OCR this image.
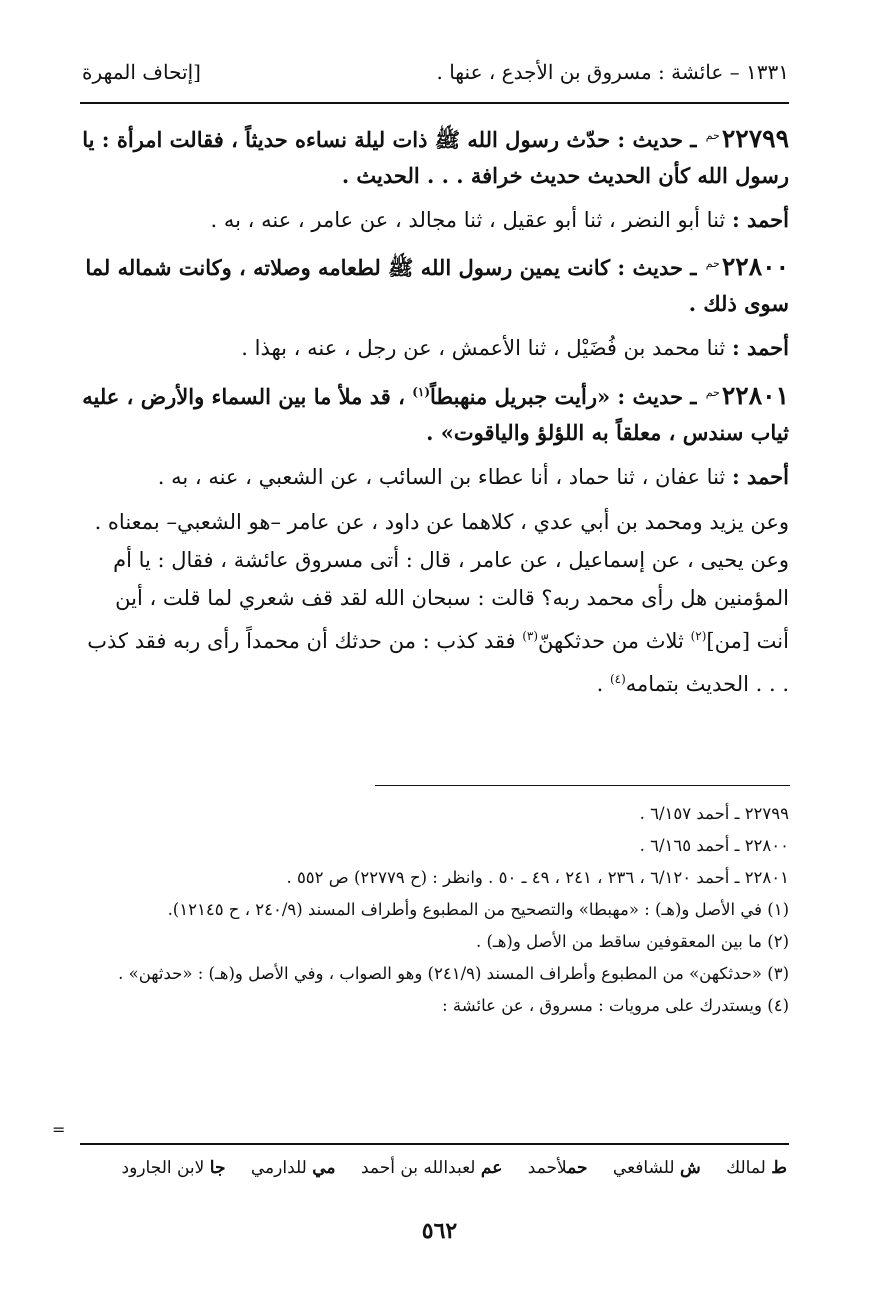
١٣٣١ – عائشة : مسروق بن الأجدع ، عنها .
[إتحاف المهرة

$٢٢٧٩٩^{حم}$ ـ حديث : حدّث رسول الله ﷺ ذات ليلة نساءه حديثاً ، فقالت امرأة : يا رسول الله كأن الحديث حديث خرافة . . . الحديث .

أحمد : ثنا أبو النضر ، ثنا أبو عقيل ، ثنا مجالد ، عن عامر ، عنه ، به .

$٢٢٨٠٠^{حم}$ ـ حديث : كانت يمين رسول الله ﷺ لطعامه وصلاته ، وكانت شماله لما سوى ذلك .

أحمد : ثنا محمد بن فُضَيْل ، ثنا الأعمش ، عن رجل ، عنه ، بهذا .

$٢٢٨٠١^{حم}$ ـ حديث : «رأيت جبريل منهبطاً$^{(١)}$ ، قد ملأ ما بين السماء والأرض ، عليه ثياب سندس ، معلقاً به اللؤلؤ والياقوت» .

أحمد : ثنا عفان ، ثنا حماد ، أنا عطاء بن السائب ، عن الشعبي ، عنه ، به .

وعن يزيد ومحمد بن أبي عدي ، كلاهما عن داود ، عن عامر –هو الشعبي– بمعناه .

وعن يحيى ، عن إسماعيل ، عن عامر ، قال : أتى مسروق عائشة ، فقال : يا أم المؤمنين هل رأى محمد ربه؟ قالت : سبحان الله لقد قف شعري لما قلت ، أين أنت [من]$^{(٢)}$ ثلاث من حدثكهنّ$^{(٣)}$ فقد كذب : من حدثك أن محمداً رأى ربه فقد كذب . . . الحديث بتمامه$^{(٤)}$ .

٢٢٧٩٩ ـ أحمد ٦/١٥٧ .

٢٢٨٠٠ ـ أحمد ٦/١٦٥ .

٢٢٨٠١ ـ أحمد ٦/١٢٠ ، ٢٣٦ ، ٢٤١ ، ٤٩ ـ ٥٠ . وانظر : (ح ٢٢٧٧٩) ص ٥٥٢ .

(١) في الأصل و(هـ) : «مهبطا» والتصحيح من المطبوع وأطراف المسند (٢٤٠/٩ ، ح ١٢١٤٥).

(٢) ما بين المعقوفين ساقط من الأصل و(هـ) .

(٣) «حدثكهن» من المطبوع وأطراف المسند (٢٤١/٩) وهو الصواب ، وفي الأصل و(هـ) : «حدثهن» .

(٤) ويستدرك على مرويات : مسروق ، عن عائشة :

=
ط لمالك ش للشافعي حملأحمد عم لعبدالله بن أحمد مي للدارمي جا لابن الجارود
٥٦٢
